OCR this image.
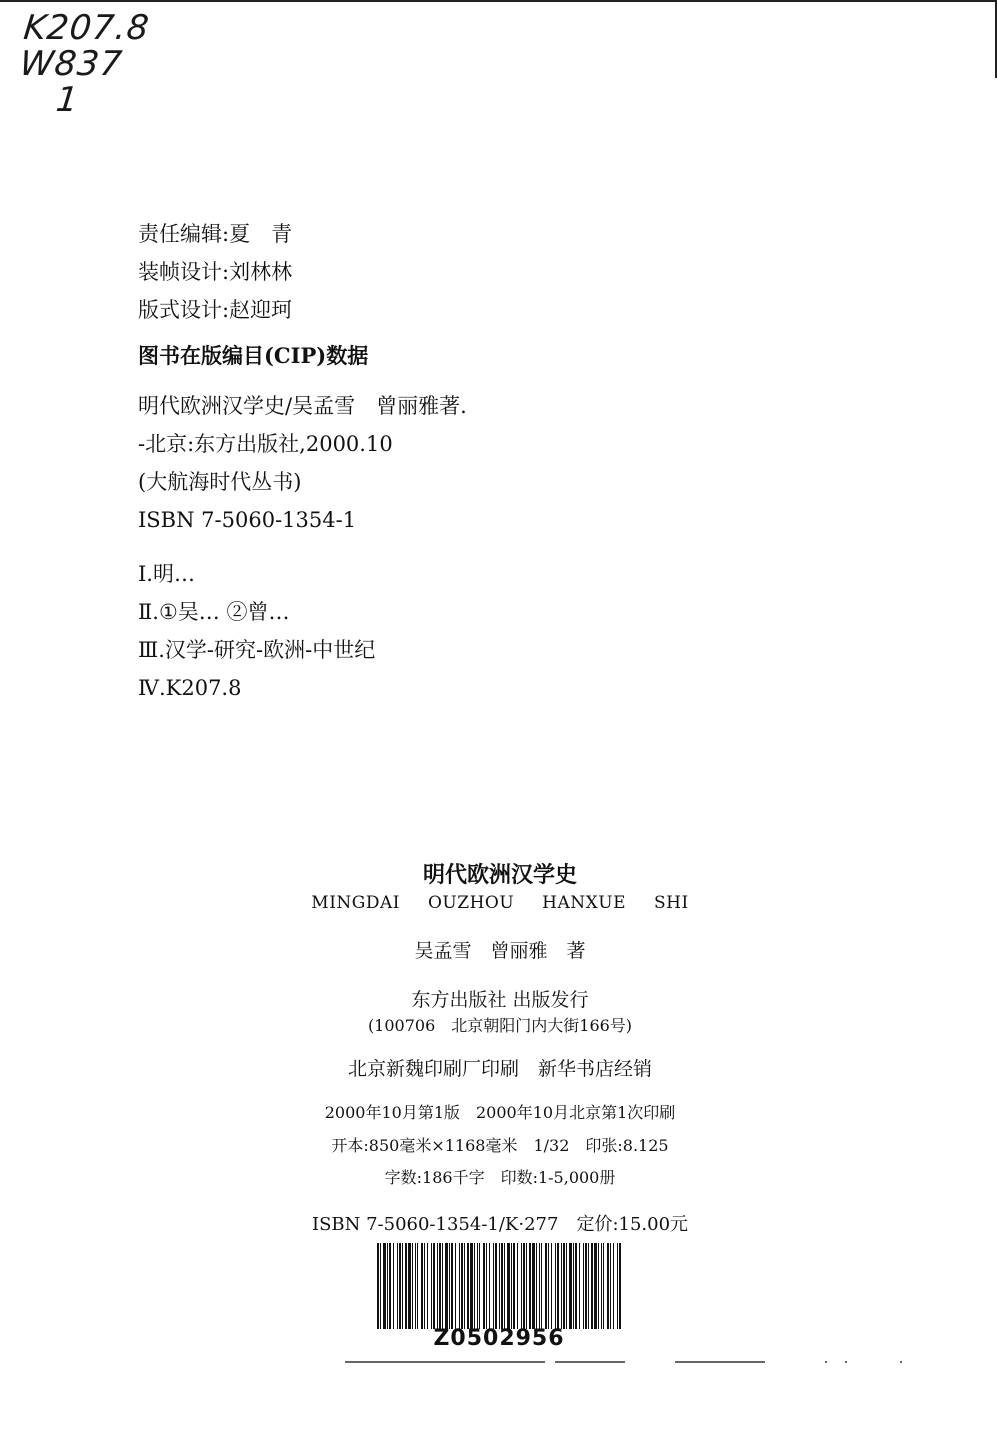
K207.8
W837
1
责任编辑:夏　青
装帧设计:刘林林
版式设计:赵迎珂
图书在版编目(CIP)数据
明代欧洲汉学史/吴孟雪　曾丽雅著.
-北京:东方出版社,2000.10
(大航海时代丛书)
ISBN 7-5060-1354-1
Ⅰ.明…
Ⅱ.①吴… ②曾…
Ⅲ.汉学-研究-欧洲-中世纪
Ⅳ.K207.8
明代欧洲汉学史
MINGDAI OUZHOU HANXUE SHI
吴孟雪　曾丽雅　著
东方出版社 出版发行
(100706　北京朝阳门内大街166号)
北京新魏印刷厂印刷　新华书店经销
2000年10月第1版　2000年10月北京第1次印刷
开本:850毫米×1168毫米　1/32　印张:8.125
字数:186千字　印数:1-5,000册
ISBN 7-5060-1354-1/K·277　定价:15.00元
Z0502956
